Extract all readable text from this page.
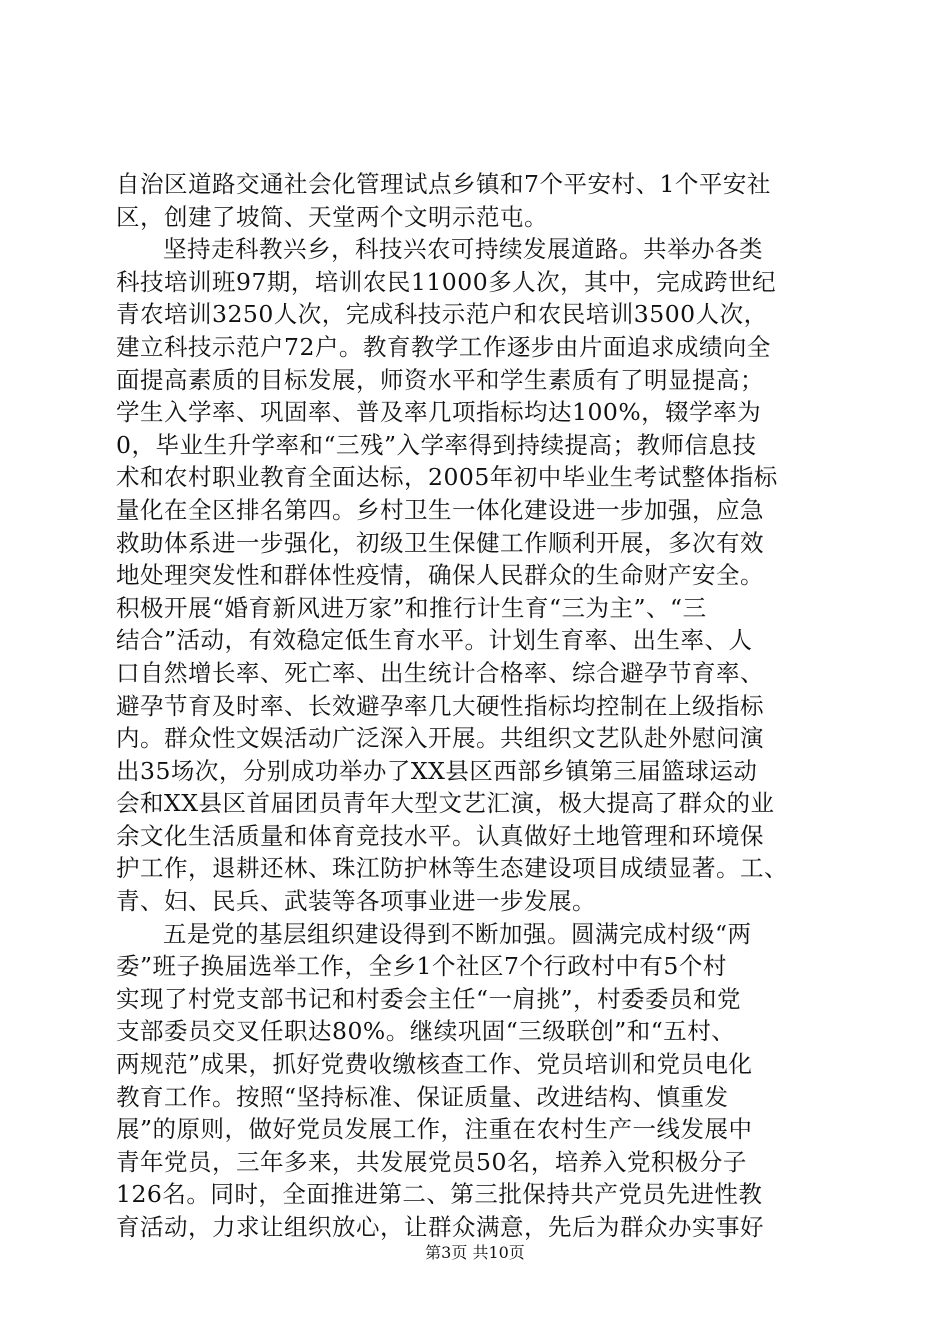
自治区道路交通社会化管理试点乡镇和7个平安村、1个平安社
区，创建了坡简、天堂两个文明示范屯。
坚持走科教兴乡，科技兴农可持续发展道路。共举办各类
科技培训班97期，培训农民11000多人次，其中，完成跨世纪
青农培训3250人次，完成科技示范户和农民培训3500人次，
建立科技示范户72户。教育教学工作逐步由片面追求成绩向全
面提高素质的目标发展，师资水平和学生素质有了明显提高；
学生入学率、巩固率、普及率几项指标均达100%，辍学率为
0，毕业生升学率和“三残”入学率得到持续提高；教师信息技
术和农村职业教育全面达标，2005年初中毕业生考试整体指标
量化在全区排名第四。乡村卫生一体化建设进一步加强，应急
救助体系进一步强化，初级卫生保健工作顺利开展，多次有效
地处理突发性和群体性疫情，确保人民群众的生命财产安全。
积极开展“婚育新风进万家”和推行计生育“三为主”、“三
结合”活动，有效稳定低生育水平。计划生育率、出生率、人
口自然增长率、死亡率、出生统计合格率、综合避孕节育率、
避孕节育及时率、长效避孕率几大硬性指标均控制在上级指标
内。群众性文娱活动广泛深入开展。共组织文艺队赴外慰问演
出35场次，分别成功举办了XX县区西部乡镇第三届篮球运动
会和XX县区首届团员青年大型文艺汇演，极大提高了群众的业
余文化生活质量和体育竞技水平。认真做好土地管理和环境保
护工作，退耕还林、珠江防护林等生态建设项目成绩显著。工、
青、妇、民兵、武装等各项事业进一步发展。
五是党的基层组织建设得到不断加强。圆满完成村级“两
委”班子换届选举工作，全乡1个社区7个行政村中有5个村
实现了村党支部书记和村委会主任“一肩挑”，村委委员和党
支部委员交叉任职达80%。继续巩固“三级联创”和“五村、
两规范”成果，抓好党费收缴核查工作、党员培训和党员电化
教育工作。按照“坚持标准、保证质量、改进结构、慎重发
展”的原则，做好党员发展工作，注重在农村生产一线发展中
青年党员，三年多来，共发展党员50名，培养入党积极分子
126名。同时，全面推进第二、第三批保持共产党员先进性教
育活动，力求让组织放心，让群众满意，先后为群众办实事好
第3页 共10页
